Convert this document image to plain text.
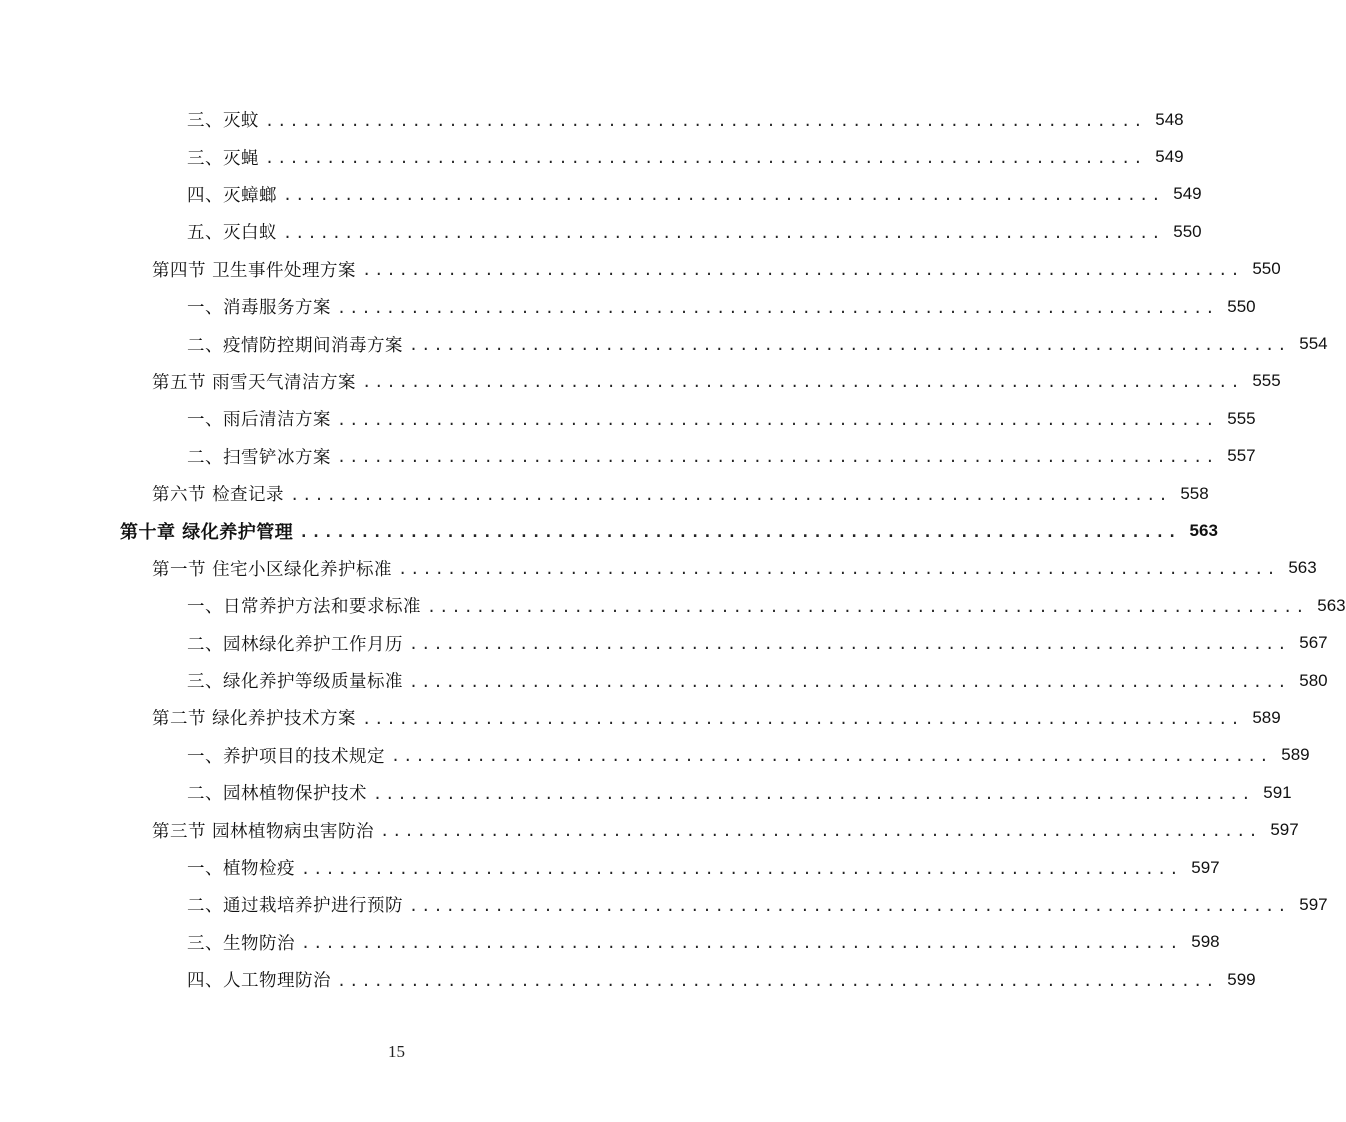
三、灭蚊 ........................................................................ 548
三、灭蝇 ........................................................................ 549
四、灭蟑螂 ........................................................................ 549
五、灭白蚁 ........................................................................ 550
第四节 卫生事件处理方案 ........................................................................ 550
一、消毒服务方案 ........................................................................ 550
二、疫情防控期间消毒方案 ........................................................................ 554
第五节 雨雪天气清洁方案 ........................................................................ 555
一、雨后清洁方案 ........................................................................ 555
二、扫雪铲冰方案 ........................................................................ 557
第六节 检查记录 ........................................................................ 558
第十章 绿化养护管理 ........................................................................ 563
第一节 住宅小区绿化养护标准 ........................................................................ 563
一、日常养护方法和要求标准 ........................................................................ 563
二、园林绿化养护工作月历 ........................................................................ 567
三、绿化养护等级质量标准 ........................................................................ 580
第二节 绿化养护技术方案 ........................................................................ 589
一、养护项目的技术规定 ........................................................................ 589
二、园林植物保护技术 ........................................................................ 591
第三节 园林植物病虫害防治 ........................................................................ 597
一、植物检疫 ........................................................................ 597
二、通过栽培养护进行预防 ........................................................................ 597
三、生物防治 ........................................................................ 598
四、人工物理防治 ........................................................................ 599
15
